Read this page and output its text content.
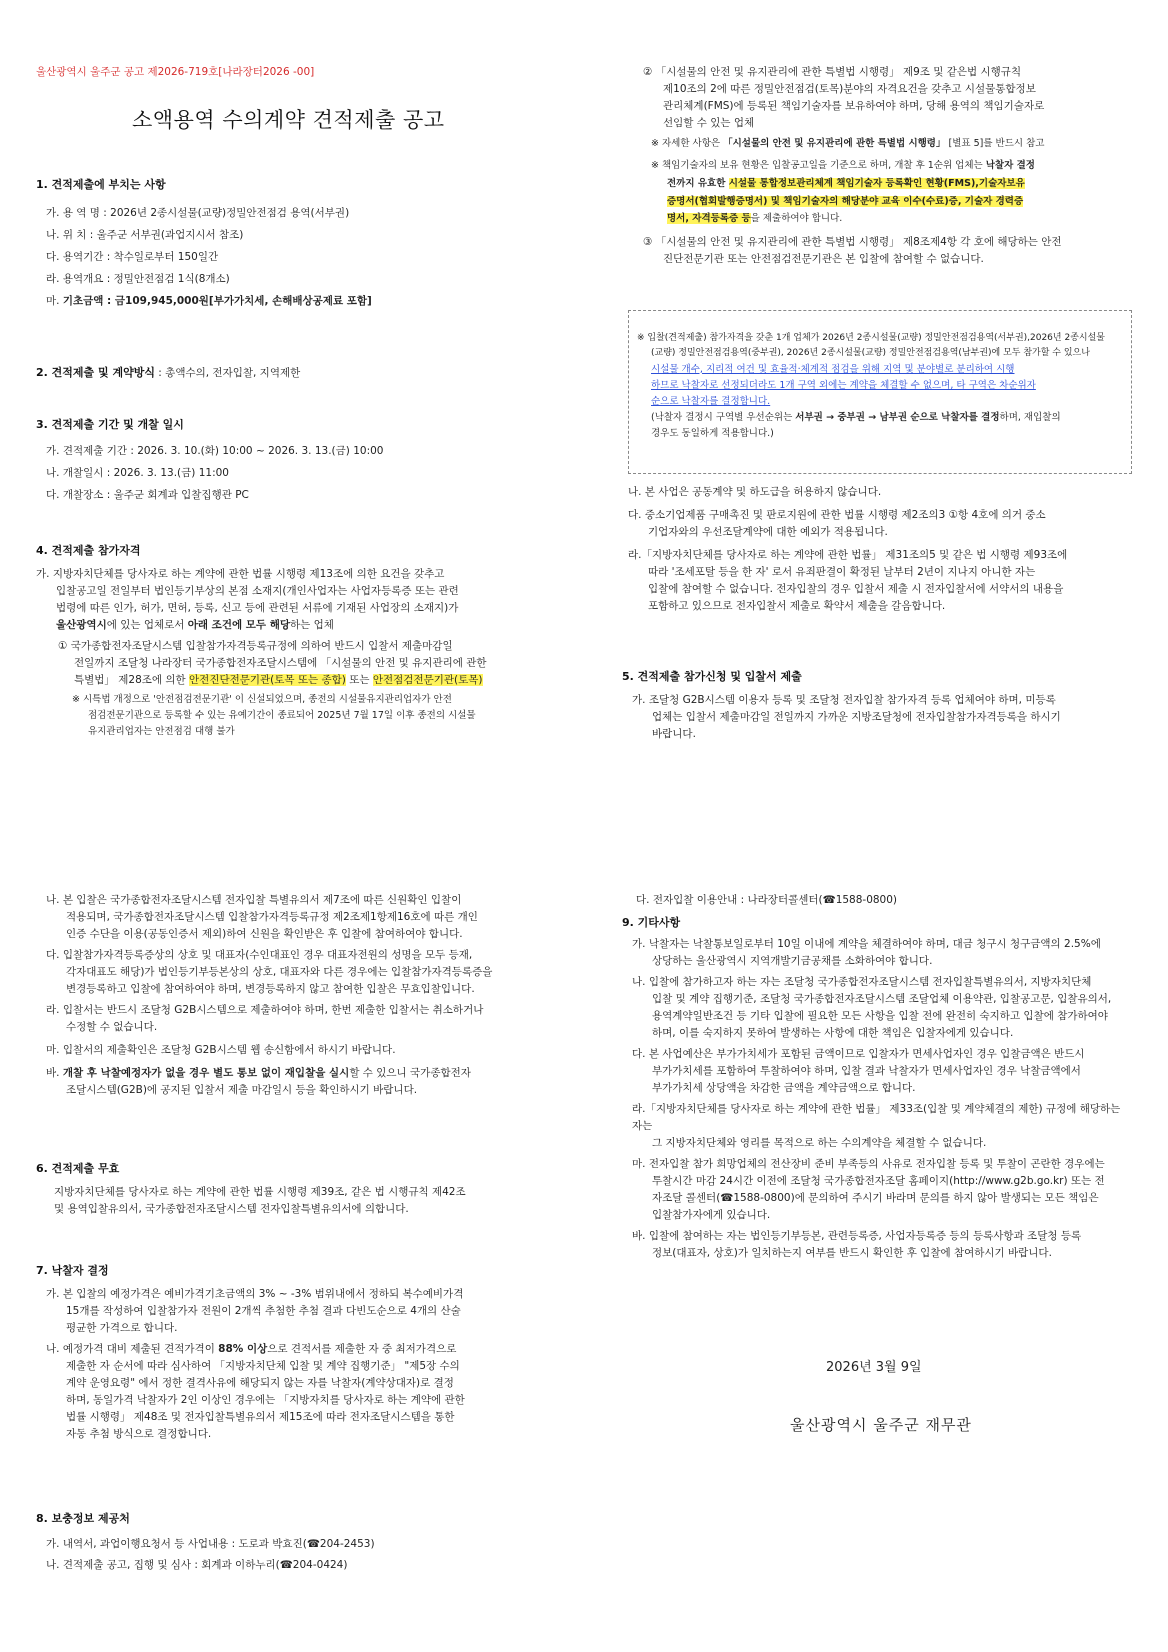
울산광역시 울주군 공고 제2026-719호[나라장터2026 -00]
소액용역 수의계약 견적제출 공고
1. 견적제출에 부치는 사항
가. 용 역 명 : 2026년 2종시설물(교량)정밀안전점검 용역(서부권)
나. 위 치 : 울주군 서부권(과업지시서 참조)
다. 용역기간 : 착수일로부터 150일간
라. 용역개요 : 정밀안전점검 1식(8개소)
마. 기초금액 : 금109,945,000원[부가가치세, 손해배상공제료 포함]
2. 견적제출 및 계약방식 : 총액수의, 전자입찰, 지역제한
3. 견적제출 기간 및 개찰 일시
가. 견적제출 기간 : 2026. 3. 10.(화) 10:00 ~ 2026. 3. 13.(금) 10:00
나. 개찰일시 : 2026. 3. 13.(금) 11:00
다. 개찰장소 : 울주군 회계과 입찰집행관 PC
4. 견적제출 참가자격
가. 지방자치단체를 당사자로 하는 계약에 관한 법률 시행령 제13조에 의한 요건을 갖추고
입찰공고일 전일부터 법인등기부상의 본점 소재지(개인사업자는 사업자등록증 또는 관련
법령에 따른 인가, 허가, 면허, 등록, 신고 등에 관련된 서류에 기재된 사업장의 소재지)가
울산광역시에 있는 업체로서 아래 조건에 모두 해당하는 업체
① 국가종합전자조달시스템 입찰참가자격등록규정에 의하여 반드시 입찰서 제출마감일
전일까지 조달청 나라장터 국가종합전자조달시스템에 「시설물의 안전 및 유지관리에 관한
특별법」 제28조에 의한 안전진단전문기관(토목 또는 종합) 또는 안전점검전문기관(토목)
※ 시특법 개정으로 '안전점검전문기관' 이 신설되었으며, 종전의 시설물유지관리업자가 안전
점검전문기관으로 등록할 수 있는 유예기간이 종료되어 2025년 7월 17일 이후 종전의 시설물
유지관리업자는 안전점검 대행 불가
② 「시설물의 안전 및 유지관리에 관한 특별법 시행령」 제9조 및 같은법 시행규칙
제10조의 2에 따른 정밀안전점검(토목)분야의 자격요건을 갖추고 시설물통합정보
관리체계(FMS)에 등록된 책임기술자를 보유하여야 하며, 당해 용역의 책임기술자로
선임할 수 있는 업체
※ 자세한 사항은 「시설물의 안전 및 유지관리에 관한 특별법 시행령」 [별표 5]를 반드시 참고
※ 책임기술자의 보유 현황은 입찰공고일을 기준으로 하며, 개찰 후 1순위 업체는 낙찰자 결정
전까지 유효한 시설물 통합정보관리체계 책임기술자 등록확인 현황(FMS),기술자보유
증명서(협회발행증명서) 및 책임기술자의 해당분야 교육 이수(수료)증, 기술자 경력증
명서, 자격등록증 등을 제출하여야 합니다.
③ 「시설물의 안전 및 유지관리에 관한 특별법 시행령」 제8조제4항 각 호에 해당하는 안전
진단전문기관 또는 안전점검전문기관은 본 입찰에 참여할 수 없습니다.
※ 입찰(견적제출) 참가자격을 갖춘 1개 업체가 2026년 2종시설물(교량) 정밀안전점검용역(서부권),2026년 2종시설물
(교량) 정밀안전점검용역(중부권), 2026년 2종시설물(교량) 정밀안전점검용역(남부권)에 모두 참가할 수 있으나
시설물 개수, 지리적 여건 및 효율적·체계적 점검을 위해 지역 및 분야별로 분리하여 시행
하므로 낙찰자로 선정되더라도 1개 구역 외에는 계약을 체결할 수 없으며, 타 구역은 차순위자
순으로 낙찰자를 결정합니다.
(낙찰자 결정시 구역별 우선순위는 서부권 → 중부권 → 남부권 순으로 낙찰자를 결정하며, 재입찰의
경우도 동일하게 적용합니다.)
나. 본 사업은 공동계약 및 하도급을 허용하지 않습니다.
다. 중소기업제품 구매촉진 및 판로지원에 관한 법률 시행령 제2조의3 ①항 4호에 의거 중소
기업자와의 우선조달계약에 대한 예외가 적용됩니다.
라.「지방자치단체를 당사자로 하는 계약에 관한 법률」 제31조의5 및 같은 법 시행령 제93조에
따라 '조세포탈 등을 한 자' 로서 유죄판결이 확정된 날부터 2년이 지나지 아니한 자는
입찰에 참여할 수 없습니다. 전자입찰의 경우 입찰서 제출 시 전자입찰서에 서약서의 내용을
포함하고 있으므로 전자입찰서 제출로 확약서 제출을 갈음합니다.
5. 견적제출 참가신청 및 입찰서 제출
가. 조달청 G2B시스템 이용자 등록 및 조달청 전자입찰 참가자격 등록 업체여야 하며, 미등록
업체는 입찰서 제출마감일 전일까지 가까운 지방조달청에 전자입찰참가자격등록을 하시기
바랍니다.
나. 본 입찰은 국가종합전자조달시스템 전자입찰 특별유의서 제7조에 따른 신원확인 입찰이
적용되며, 국가종합전자조달시스템 입찰참가자격등록규정 제2조제1항제16호에 따른 개인
인증 수단을 이용(공동인증서 제외)하여 신원을 확인받은 후 입찰에 참여하여야 합니다.
다. 입찰참가자격등록증상의 상호 및 대표자(수인대표인 경우 대표자전원의 성명을 모두 등재,
각자대표도 해당)가 법인등기부등본상의 상호, 대표자와 다른 경우에는 입찰참가자격등록증을
변경등록하고 입찰에 참여하여야 하며, 변경등록하지 않고 참여한 입찰은 무효입찰입니다.
라. 입찰서는 반드시 조달청 G2B시스템으로 제출하여야 하며, 한번 제출한 입찰서는 취소하거나
수정할 수 없습니다.
마. 입찰서의 제출확인은 조달청 G2B시스템 웹 송신함에서 하시기 바랍니다.
바. 개찰 후 낙찰예정자가 없을 경우 별도 통보 없이 재입찰을 실시할 수 있으니 국가종합전자
조달시스템(G2B)에 공지된 입찰서 제출 마감일시 등을 확인하시기 바랍니다.
6. 견적제출 무효
지방자치단체를 당사자로 하는 계약에 관한 법률 시행령 제39조, 같은 법 시행규칙 제42조
및 용역입찰유의서, 국가종합전자조달시스템 전자입찰특별유의서에 의합니다.
7. 낙찰자 결정
가. 본 입찰의 예정가격은 예비가격기초금액의 3% ~ -3% 범위내에서 정하되 복수예비가격
15개를 작성하여 입찰참가자 전원이 2개씩 추첨한 추첨 결과 다빈도순으로 4개의 산술
평균한 가격으로 합니다.
나. 예정가격 대비 제출된 견적가격이 88% 이상으로 견적서를 제출한 자 중 최저가격으로
제출한 자 순서에 따라 심사하여 「지방자치단체 입찰 및 계약 집행기준」 "제5장 수의
계약 운영요령" 에서 정한 결격사유에 해당되지 않는 자를 낙찰자(계약상대자)로 결정
하며, 동일가격 낙찰자가 2인 이상인 경우에는 「지방자치를 당사자로 하는 계약에 관한
법률 시행령」 제48조 및 전자입찰특별유의서 제15조에 따라 전자조달시스템을 통한
자동 추첨 방식으로 결정합니다.
8. 보충정보 제공처
가. 내역서, 과업이행요청서 등 사업내용 : 도로과 박효진(☎204-2453)
나. 견적제출 공고, 집행 및 심사 : 회계과 이하누리(☎204-0424)
다. 전자입찰 이용안내 : 나라장터콜센터(☎1588-0800)
9. 기타사항
가. 낙찰자는 낙찰통보일로부터 10일 이내에 계약을 체결하여야 하며, 대금 청구시 청구금액의 2.5%에
상당하는 울산광역시 지역개발기금공채를 소화하여야 합니다.
나. 입찰에 참가하고자 하는 자는 조달청 국가종합전자조달시스템 전자입찰특별유의서, 지방자치단체
입찰 및 계약 집행기준, 조달청 국가종합전자조달시스템 조달업체 이용약관, 입찰공고문, 입찰유의서,
용역계약일반조건 등 기타 입찰에 필요한 모든 사항을 입찰 전에 완전히 숙지하고 입찰에 참가하여야
하며, 이를 숙지하지 못하여 발생하는 사항에 대한 책임은 입찰자에게 있습니다.
다. 본 사업예산은 부가가치세가 포함된 금액이므로 입찰자가 면세사업자인 경우 입찰금액은 반드시
부가가치세를 포함하여 투찰하여야 하며, 입찰 결과 낙찰자가 면세사업자인 경우 낙찰금액에서
부가가치세 상당액을 차감한 금액을 계약금액으로 합니다.
라.「지방자치단체를 당사자로 하는 계약에 관한 법률」 제33조(입찰 및 계약체결의 제한) 규정에 해당하는 자는
그 지방자치단체와 영리를 목적으로 하는 수의계약을 체결할 수 없습니다.
마. 전자입찰 참가 희망업체의 전산장비 준비 부족등의 사유로 전자입찰 등록 및 투찰이 곤란한 경우에는
투찰시간 마감 24시간 이전에 조달청 국가종합전자조달 홈페이지(http://www.g2b.go.kr) 또는 전
자조달 콜센터(☎1588-0800)에 문의하여 주시기 바라며 문의를 하지 않아 발생되는 모든 책임은
입찰참가자에게 있습니다.
바. 입찰에 참여하는 자는 법인등기부등본, 관련등록증, 사업자등록증 등의 등록사항과 조달청 등록
정보(대표자, 상호)가 일치하는지 여부를 반드시 확인한 후 입찰에 참여하시기 바랍니다.
2026년 3월 9일
울산광역시 울주군 재무관
